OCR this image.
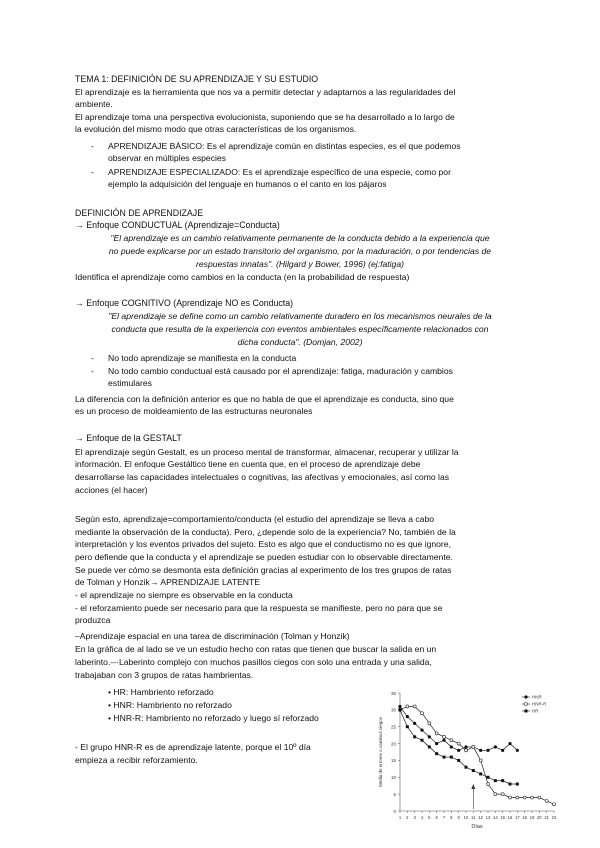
TEMA 1: DEFINICIÓN DE SU APRENDIZAJE Y SU ESTUDIO
El aprendizaje es la herramienta que nos va a permitir detectar y adaptarnos a las regularidades del
ambiente.
El aprendizaje toma una perspectiva evolucionista, suponiendo que se ha desarrollado a lo largo de
la evolución del mismo modo que otras características de los organismos.
- APRENDIZAJE BÁSICO: Es el aprendizaje común en distintas especies, es el que podemos
observar en múltiples especies
- APRENDIZAJE ESPECIALIZADO: Es el aprendizaje específico de una especie, como por
ejemplo la adquisición del lenguaje en humanos o el canto en los pájaros
DEFINICIÓN DE APRENDIZAJE
→ Enfoque CONDUCTUAL (Aprendizaje=Conducta)
"El aprendizaje es un cambio relativamente permanente de la conducta debido a la experiencia que
no puede explicarse por un estado transitorio del organismo, por la maduración, o por tendencias de
respuestas innatas". (Hilgard y Bower, 1996) (ej:fatiga)
Identifica el aprendizaje como cambios en la conducta (en la probabilidad de respuesta)
→ Enfoque COGNITIVO (Aprendizaje NO es Conducta)
"El aprendizaje se define como un cambio relativamente duradero en los mecanismos neurales de la
conducta que resulta de la experiencia con eventos ambientales específicamente relacionados con
dicha conducta". (Domjan, 2002)
- No todo aprendizaje se manifiesta en la conducta
- No todo cambio conductual está causado por el aprendizaje: fatiga, maduración y cambios
estimulares
La diferencia con la definición anterior es que no habla de que el aprendizaje es conducta, sino que
es un proceso de moldeamiento de las estructuras neuronales
→ Enfoque de la GESTALT
El aprendizaje según Gestalt, es un proceso mental de transformar, almacenar, recuperar y utilizar la
información. El enfoque Gestáltico tiene en cuenta que, en el proceso de aprendizaje debe
desarrollarse las capacidades intelectuales o cognitivas, las afectivas y emocionales, así como las
acciones (el hacer)
Según esto, aprendizaje=comportamiento/conducta (el estudio del aprendizaje se lleva a cabo
mediante la observación de la conducta). Pero, ¿depende solo de la experiencia? No, también de la
interpretación y los eventos privados del sujeto. Esto es algo que el conductismo no es que ignore,
pero defiende que la conducta y el aprendizaje se pueden estudiar con lo observable directamente.
Se puede ver cómo se desmonta esta definición gracias al experimento de los tres grupos de ratas
de Tolman y Honzik→ APRENDIZAJE LATENTE
- el aprendizaje no siempre es observable en la conducta
- el reforzamiento puede ser necesario para que la respuesta se manifieste, pero no para que se
produzca
–Aprendizaje espacial en una tarea de discriminación (Tolman y Honzik)
En la gráfica de al lado se ve un estudio hecho con ratas que tienen que buscar la salida en un
laberinto.--·Laberinto complejo con muchos pasillos ciegos con solo una entrada y una salida,
trabajaban con 3 grupos de ratas hambrientas.
• HR: Hambriento reforzado
• HNR: Hambriento no reforzado
• HNR-R: Hambriento no reforzado y luego sí reforzado
- El grupo HNR-R es de aprendizaje latente, porque el 10º día
empieza a recibir reforzamiento.
0
5
10
15
20
25
30
35
1 2 3 4 5 6 7 8 9 10 11 12 13 14 15 16 17 18 19 20 21 22
Días
Media de errores o caminos ciegos
HNR
HNR-R
HR
